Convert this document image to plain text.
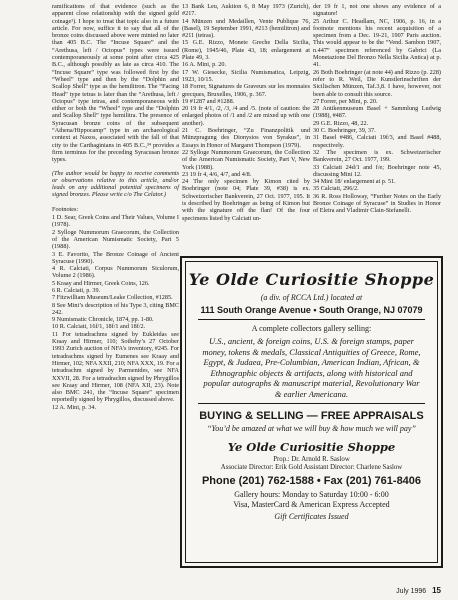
ramifications of that evidence (such as the apparent close relationship with the signed gold coinage¹). I hope to treat that topic also in a future article. For now, suffice it to say that all of the bronze coins discussed above were minted no later than 405 B.C. The “Incuse Square” and the “Arethusa, left / Octopus” types were issued contemporaneously at some point after circa 425 B.C., although possibly as late as circa 410. The “Incuse Square” type was followed first by the “Wheel” type and then by the “Dolphin and Scallop Shell” type as the hemilitron. The “Facing Head” type tetras is later than the “Arethusa, left / Octopus” type tetras, and contemporaneous with either or both the “Wheel” type and the “Dolphin and Scallop Shell” type hemilitra. The presence of Syracusan bronze coins of the subsequent “Athena/Hippocamp” type in an archaeological context at Naxos, associated with the fall of that city to the Carthaginians in 405 B.C.,³⁴ provides a firm terminus for the preceding Syracusan bronze types.

(The author would be happy to receive comments or observations relative to this article, and/or leads on any additional potential specimens of signed bronzes. Please write c/o The Celator.)

Footnotes:

1 D. Sear, Greek Coins and Their Values, Volume I (1978).
2 Sylloge Nummorum Graecorum, the Collection of the American Numismatic Society, Part 5 (1988).
3 E. Favorito, The Bronze Coinage of Ancient Syracuse (1990).
4 R. Calciati, Corpus Nummorum Siculorum, Volume 2 (1986).
5 Kraay and Hirmer, Greek Coins, 126.
6 R. Calciati, p. 39.
7 Fitzwilliam Museum/Leake Collection, #1285.
8 See Mini’s description of his Type 3, citing BMC 242.
9 Numismatic Chronicle, 1874, pp. 1-80.
10 R. Calciati, 16f/1, 18f/1 and 18f/2.
11 For tetradrachms signed by Eukleidas see Kraay and Hirmer, 110; Sotheby’s 27 October 1993 Zurich auction of NFA’s inventory, #245. For tetradrachms signed by Eumenes see Kraay and Hirmer, 102; NFA XXII, 210; NFA XXX, 19. For a tetradrachm signed by Parmenides, see NFA XXVII, 28. For a tetradrachm signed by Phrygillos see Kraay and Hirmer, 108 (NFA XII, 23). Note also BMC 241, the “Incuse Square” specimen reportedly signed by Phrygillos, discussed above.
12 A. Mini, p. 34.
13 Bank Leu, Auktion 6, 8 May 1973 (Zurich), #217.
14 Münzen und Medaillen, Vente Publique 76, (Basel), 19 September 1991, #213 (hemilitron) and #211 (tetras).
15 G.E. Rizzo, Monete Greche Della Sicilia, (Rome), 1945/46, Plate 43, 18; enlargement at Plate 49, 3.
16 A. Mini, p. 20.
17 W. Giesecke, Sicilia Numismatica, Leipzig, 1923, 10/15.
18 Forrer, Signatures de Graveurs sur les monnaies grecques, Bruxelles, 1906, p. 367.
19 #1287 and #1288.
20 19 fr 4/1, /2, /3, /4 and /5. (note of caution: the enlarged photos of /1 and /2 are mixed up with one another).
21 C. Boehringer, “Zu Finanzpolitik und Münzpragung des Dionysios von Syrakus”, in Essays in Honor of Margaret Thompson (1979).
22 Sylloge Nummorum Graecorum, the Collection of the American Numismatic Society, Part V, New York (1988).
23 19 fr 4, 4/6, 4/7, and 4/8.
24 The only specimen by Kimon cited by Boehringer (note 04; Plate 39, #38) is ex. Schweizerischer Bankverein, 27 Oct. 1977, 195. It is described by Boehringer as being of Kimon but with the signature off the flan! Of the four specimens listed by Calciati un-
der 19 fr 1, not one shows any evidence of a signature!
25 Arthur C. Headlam, NC, 1906, p. 16, in a footnote mentions his recent acquisition of a specimen from a Dec. 19-21, 1907 Paris auction. This would appear to be the “Vend. Sambon 1907, n.447” specimen referenced by Gabrici (La Monetazione Del Bronzo Nella Sicilia Antica) at p. 41.
26 Both Boehringer (at note 44) and Rizzo (p. 228) refer to R. Weil, Die Kunstlerinschriften der Sicilischen Münzen, Taf.3,8. I have, however, not been able to consult this source.
27 Forrer, per Mini, p. 20.
28 Antikenmuseum Basel + Sammlung Ludwig (1988), #487.
29 G.E. Rizzo, 48, 22.
30 C. Boehringer, 39, 37.
31 Basel #486, Calciati 19f/3, and Basel #488, respectively.
32 The specimen is ex. Schweizerischer Bankverein, 27 Oct. 1977, 199.
33 Calciati 24d/1 and f/e; Boehringer note 45, discussing Mini 12.
34 Mini 18/ enlargement at p. 51.
35 Calciati, 296/2.
36 R. Ross Holloway, “Further Notes on the Early Bronze Coinage of Syracuse” in Studies in Honor of Eleira and Vladimir Clain-Stefanelli.
Ye Olde Curiositie Shoppe
(a div. of RCCA Ltd.) located at
111 South Orange Avenue • South Orange, NJ 07079
A complete collectors gallery selling:
U.S., ancient, & foreign coins, U.S. & foreign stamps, paper money, tokens & medals, Classical Antiquities of Greece, Rome, Egypt, & Judaea, Pre-Columbian, American Indian, African, & Ethnographic objects & artifacts, along with historical and popular autographs & manuscript material, Revolutionary War & earlier Americana.
BUYING & SELLING — FREE APPRAISALS
“You’d be amazed at what we will buy & how much we will pay”
Ye Olde Curiositie Shoppe
Prop.: Dr. Arnold R. Saslow
Associate Director: Erik Gold Assistant Director: Charlene Saslow
Phone (201) 762-1588 • Fax (201) 761-8406
Gallery hours: Monday to Saturday 10:00 - 6:00
Visa, MasterCard & American Express Accepted
Gift Certificates Issued
July 1996 15
